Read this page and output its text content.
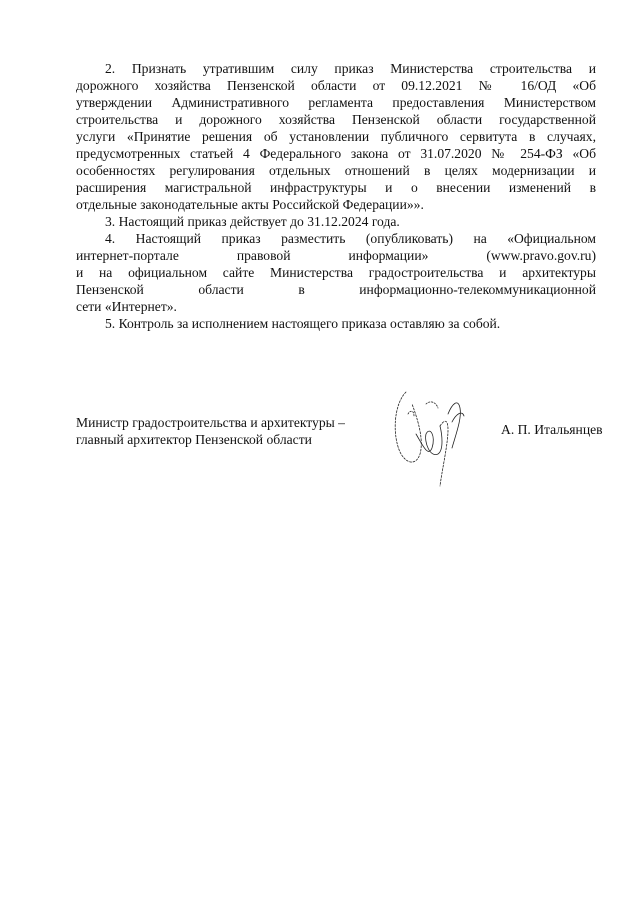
2. Признать утратившим силу приказ Министерства строительства и
дорожного хозяйства Пензенской области от 09.12.2021 № 16/ОД «Об
утверждении Административного регламента предоставления Министерством
строительства и дорожного хозяйства Пензенской области государственной
услуги «Принятие решения об установлении публичного сервитута в случаях,
предусмотренных статьей 4 Федерального закона от 31.07.2020 № 254-ФЗ «Об
особенностях регулирования отдельных отношений в целях модернизации и
расширения магистральной инфраструктуры и о внесении изменений в
отдельные законодательные акты Российской Федерации»».

3. Настоящий приказ действует до 31.12.2024 года.

4. Настоящий приказ разместить (опубликовать) на «Официальном
интернет-портале правовой информации» (www.pravo.gov.ru)
и на официальном сайте Министерства градостроительства и архитектуры
Пензенской области в информационно-телекоммуникационной
сети «Интернет».

5. Контроль за исполнением настоящего приказа оставляю за собой.

Министр градостроительства и архитектуры –
главный архитектор Пензенской области
А. П. Итальянцев
